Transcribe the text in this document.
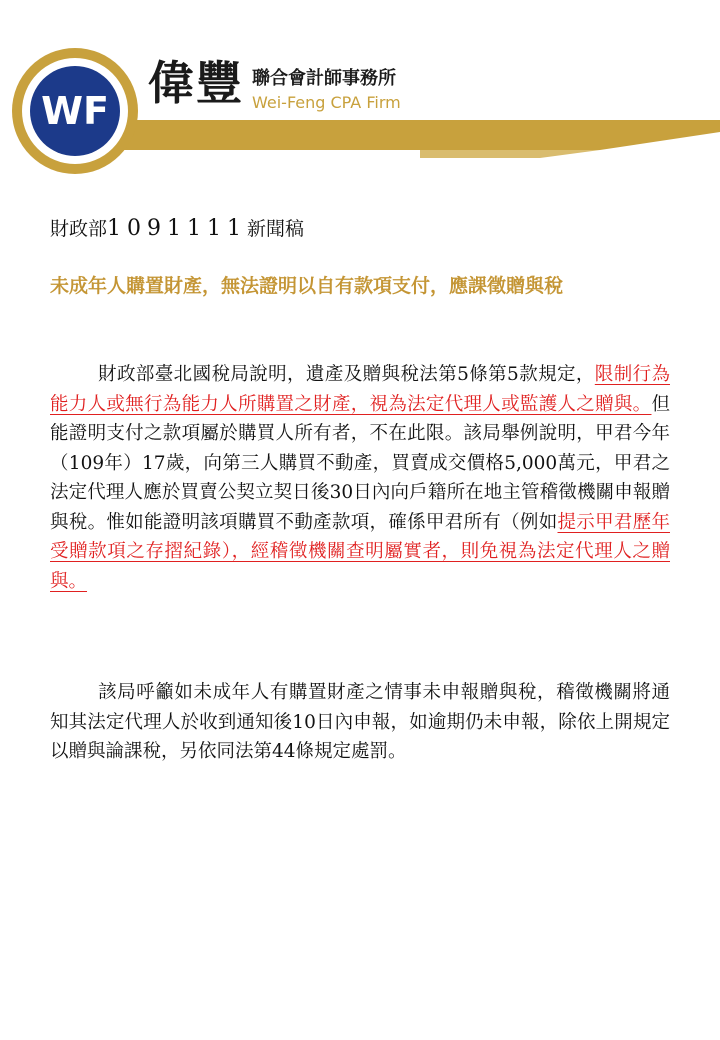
WF
偉豐 聯合會計師事務所
Wei-Feng CPA Firm
財政部1091111新聞稿
未成年人購置財產，無法證明以自有款項支付，應課徵贈與稅
財政部臺北國稅局說明，遺產及贈與稅法第5條第5款規定，限制行為能力人或無行為能力人所購置之財產，視為法定代理人或監護人之贈與。但能證明支付之款項屬於購買人所有者，不在此限。該局舉例說明，甲君今年（109年）17歲，向第三人購買不動產，買賣成交價格5,000萬元，甲君之法定代理人應於買賣公契立契日後30日內向戶籍所在地主管稽徵機關申報贈與稅。惟如能證明該項購買不動產款項，確係甲君所有（例如提示甲君歷年受贈款項之存摺紀錄），經稽徵機關查明屬實者，則免視為法定代理人之贈與。
該局呼籲如未成年人有購置財產之情事未申報贈與稅，稽徵機關將通知其法定代理人於收到通知後10日內申報，如逾期仍未申報，除依上開規定以贈與論課稅，另依同法第44條規定處罰。
